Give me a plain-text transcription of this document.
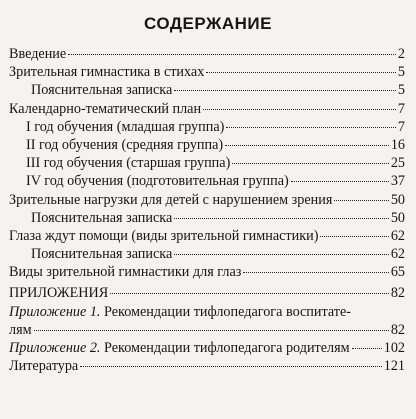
СОДЕРЖАНИЕ
Введение	2
Зрительная гимнастика в стихах	5
Пояснительная записка	5
Календарно-тематический план	7
I год обучения (младшая группа)	7
II год обучения (средняя группа)	16
III год обучения (старшая группа)	25
IV год обучения (подготовительная группа)	37
Зрительные нагрузки для детей с нарушением зрения	50
Пояснительная записка	50
Глаза ждут помощи (виды зрительной гимнастики)	62
Пояснительная записка	62
Виды зрительной гимнастики для глаз	65
ПРИЛОЖЕНИЯ	82
Приложение 1. Рекомендации тифлопедагога воспитате-
лям	82
Приложение 2. Рекомендации тифлопедагога родителям 102
Литература	121
